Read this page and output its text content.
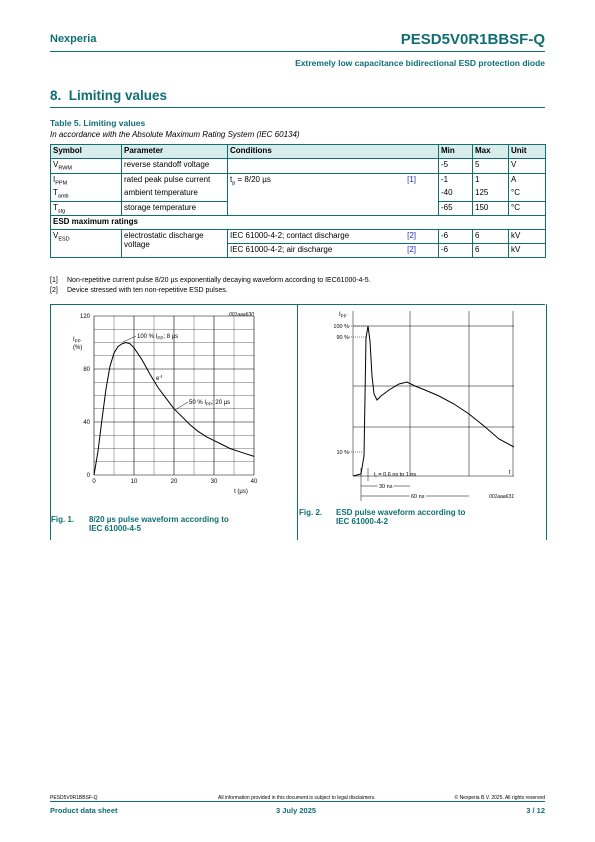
Nexperia	PESD5V0R1BBSF-Q
Extremely low capacitance bidirectional ESD protection diode
8. Limiting values
Table 5. Limiting values
In accordance with the Absolute Maximum Rating System (IEC 60134)
Symbol	Parameter	Conditions	Min	Max	Unit
$V_{RWM}$	reverse standoff voltage		-5	5	V
$I_{PPM}$	rated peak pulse current	$t_p = 8/20$ µs [1]	-1	1	A
$T_{amb}$	ambient temperature		-40	125	°C
$T_{stg}$	storage temperature		-65	150	°C
ESD maximum ratings					
$V_{ESD}$	electrostatic discharge voltage	IEC 61000-4-2; contact discharge [2]	-6	6	kV
		IEC 61000-4-2; air discharge [2]	-6	6	kV
[1] Non-repetitive current pulse 8/20 µs exponentially decaying waveform according to IEC61000-4-5.
[2] Device stressed with ten non-repetitive ESD pulses.
001aaa630
0
40
80
120
0	10	20	30	40
$I_{PP}$
(%)
t (µs)
100 % $I_{PP}$; 8 µs
$e^{-t}$
50 % $I_{PP}$; 20 µs
Fig. 1. 8/20 µs pulse waveform according to
IEC 61000-4-5
$I_{PP}$
100 %
90 %
10 %
t
$t_r = 0.6$ ns to 1 ns
30 ns
60 ns	001aaa631
Fig. 2. ESD pulse waveform according to
IEC 61000-4-2
PESD5V0R1BBSF-Q	All information provided in this document is subject to legal disclaimers.	© Nexperia B.V. 2025. All rights reserved
Product data sheet	3 July 2025	3 / 12
